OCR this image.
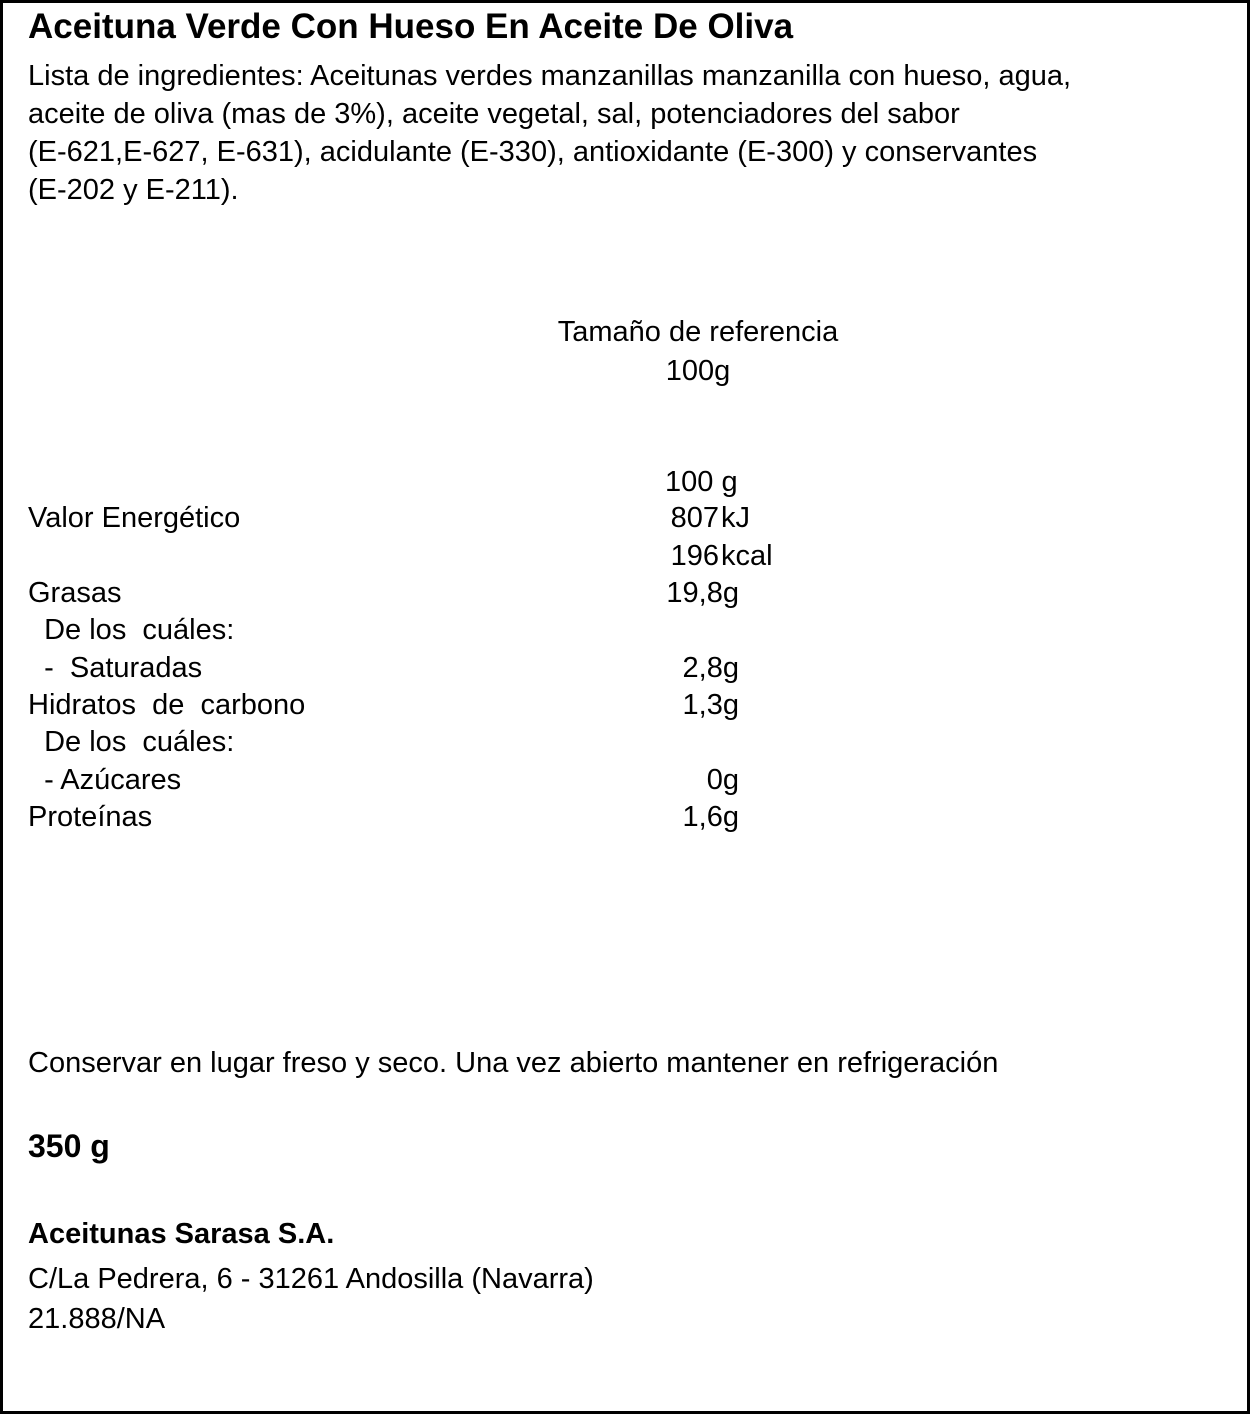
Aceituna Verde Con Hueso En Aceite De Oliva
Lista de ingredientes: Aceitunas verdes manzanillas manzanilla con hueso, agua,
aceite de oliva (mas de 3%), aceite vegetal, sal, potenciadores del sabor
(E-621,E-627, E-631), acidulante (E-330), antioxidante (E-300) y conservantes
(E-202 y E-211).
Tamaño de referencia
100g
100 g
Valor Energético	807 kJ
196 kcal
Grasas	19,8g
De los  cuáles:
-  Saturadas	2,8g
Hidratos  de  carbono	1,3g
De los  cuáles:
- Azúcares	0g
Proteínas	1,6g
Conservar en lugar freso y seco. Una vez abierto mantener en refrigeración
350 g
Aceitunas Sarasa S.A.
C/La Pedrera, 6 - 31261 Andosilla (Navarra)
21.888/NA
